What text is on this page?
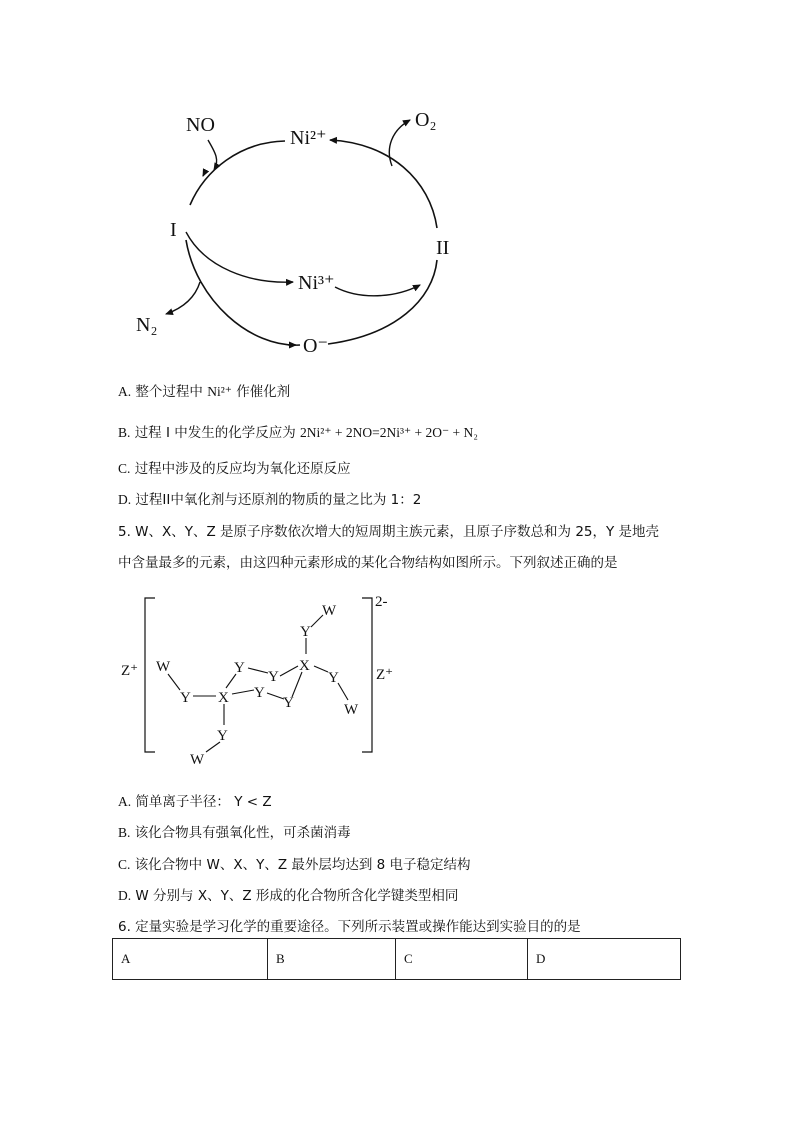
Ni²⁺
NO	O₂
I
II
Ni³⁺
N₂
O⁻
A. 整个过程中 Ni²⁺ 作催化剂
B. 过程 I 中发生的化学反应为 2Ni²⁺ + 2NO=2Ni³⁺ + 2O⁻ + N₂
C. 过程中涉及的反应均为氧化还原反应
D. 过程II中氧化剂与还原剂的物质的量之比为 1：2
5. W、X、Y、Z 是原子序数依次增大的短周期主族元素，且原子序数总和为 25，Y 是地壳
中含量最多的元素，由这四种元素形成的某化合物结构如图所示。下列叙述正确的是
Z⁺ W
Y X
Y
Y
Y
Y
X
Y
W
Y
W
Y
W
2-
Z⁺
A. 简单离子半径： Y < Z
B. 该化合物具有强氧化性，可杀菌消毒
C. 该化合物中 W、X、Y、Z 最外层均达到 8 电子稳定结构
D. W 分别与 X、Y、Z 形成的化合物所含化学键类型相同
6. 定量实验是学习化学的重要途径。下列所示装置或操作能达到实验目的的是
A	B	C	D
